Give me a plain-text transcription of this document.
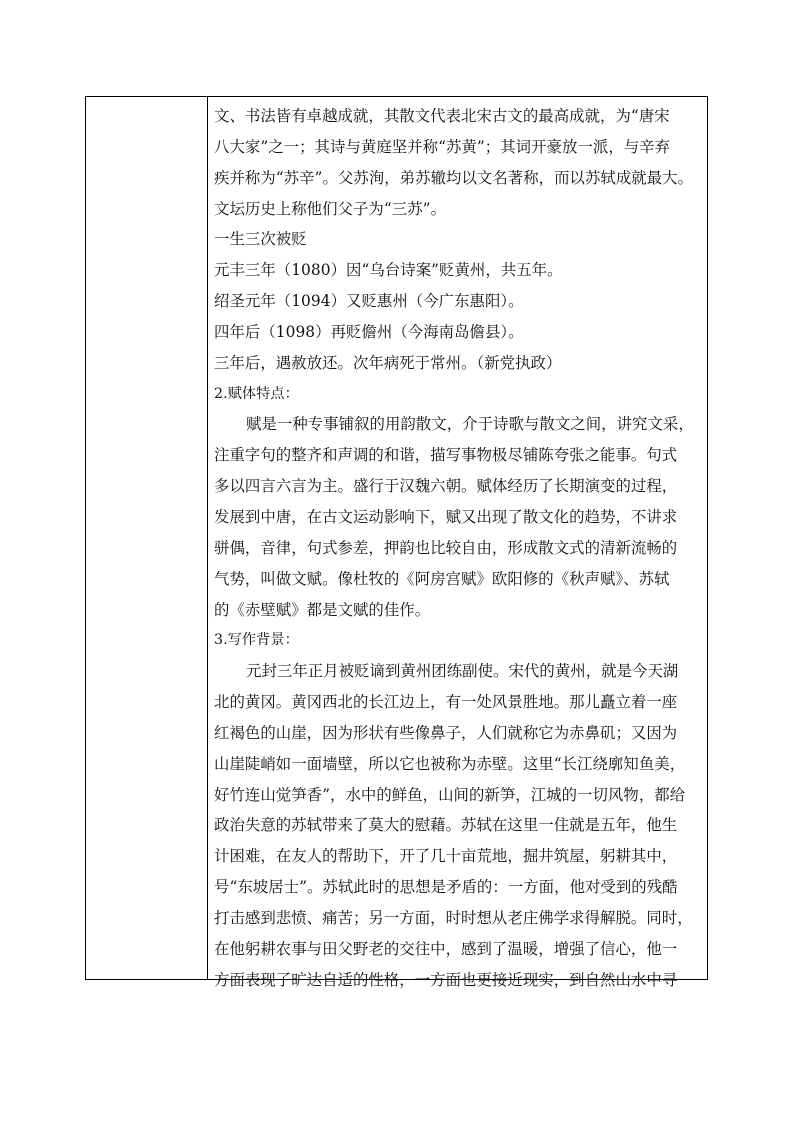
文、书法皆有卓越成就，其散文代表北宋古文的最高成就，为“唐宋
八大家”之一；其诗与黄庭坚并称“苏黄”；其词开豪放一派，与辛弃
疾并称为“苏辛”。父苏洵，弟苏辙均以文名著称，而以苏轼成就最大。
文坛历史上称他们父子为“三苏”。
一生三次被贬
元丰三年（1080）因“乌台诗案”贬黄州，共五年。
绍圣元年（1094）又贬惠州（今广东惠阳）。
四年后（1098）再贬儋州（今海南岛儋县）。
三年后，遇赦放还。次年病死于常州。（新党执政）
2.赋体特点：
赋是一种专事铺叙的用韵散文，介于诗歌与散文之间，讲究文采，
注重字句的整齐和声调的和谐，描写事物极尽铺陈夸张之能事。句式
多以四言六言为主。盛行于汉魏六朝。赋体经历了长期演变的过程，
发展到中唐，在古文运动影响下，赋又出现了散文化的趋势，不讲求
骈偶，音律，句式参差，押韵也比较自由，形成散文式的清新流畅的
气势，叫做文赋。像杜牧的《阿房宫赋》欧阳修的《秋声赋》、苏轼
的《赤壁赋》都是文赋的佳作。
3.写作背景：
元封三年正月被贬谪到黄州团练副使。宋代的黄州，就是今天湖
北的黄冈。黄冈西北的长江边上，有一处风景胜地。那儿矗立着一座
红褐色的山崖，因为形状有些像鼻子，人们就称它为赤鼻矶；又因为
山崖陡峭如一面墙壁，所以它也被称为赤壁。这里“长江绕廓知鱼美，
好竹连山觉笋香”，水中的鲜鱼，山间的新笋，江城的一切风物，都给
政治失意的苏轼带来了莫大的慰藉。苏轼在这里一住就是五年，他生
计困难，在友人的帮助下，开了几十亩荒地，掘井筑屋，躬耕其中，
号“东坡居士”。苏轼此时的思想是矛盾的：一方面，他对受到的残酷
打击感到悲愤、痛苦；另一方面，时时想从老庄佛学求得解脱。同时，
在他躬耕农事与田父野老的交往中，感到了温暖，增强了信心，他一
方面表现了旷达自适的性格，一方面也更接近现实，到自然山水中寻
